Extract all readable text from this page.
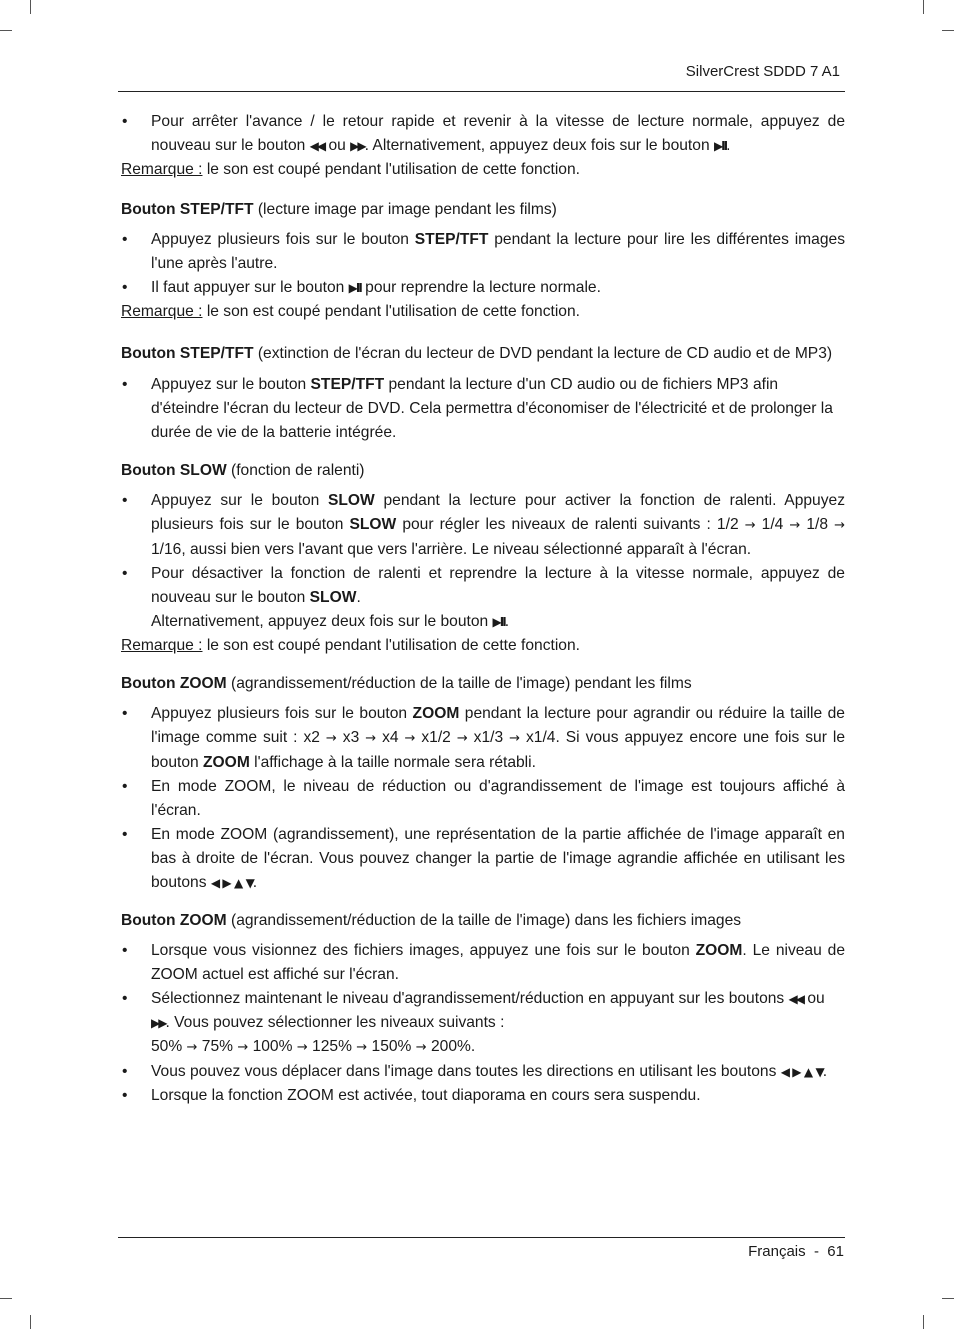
SilverCrest SDDD 7 A1
• Pour arrêter l'avance / le retour rapide et revenir à la vitesse de lecture normale, appuyez de nouveau sur le bouton ◀◀ ou ▶▶. Alternativement, appuyez deux fois sur le bouton ▶II.

Remarque : le son est coupé pendant l'utilisation de cette fonction.

Bouton STEP/TFT (lecture image par image pendant les films)

• Appuyez plusieurs fois sur le bouton STEP/TFT pendant la lecture pour lire les différentes images l'une après l'autre.
• Il faut appuyer sur le bouton ▶II pour reprendre la lecture normale.

Remarque : le son est coupé pendant l'utilisation de cette fonction.

Bouton STEP/TFT (extinction de l'écran du lecteur de DVD pendant la lecture de CD audio et de MP3)

• Appuyez sur le bouton STEP/TFT pendant la lecture d'un CD audio ou de fichiers MP3 afin d'éteindre l'écran du lecteur de DVD. Cela permettra d'économiser de l'électricité et de prolonger la durée de vie de la batterie intégrée.

Bouton SLOW (fonction de ralenti)

• Appuyez sur le bouton SLOW pendant la lecture pour activer la fonction de ralenti. Appuyez plusieurs fois sur le bouton SLOW pour régler les niveaux de ralenti suivants : 1/2 → 1/4 → 1/8 → 1/16, aussi bien vers l'avant que vers l'arrière. Le niveau sélectionné apparaît à l'écran.
• Pour désactiver la fonction de ralenti et reprendre la lecture à la vitesse normale, appuyez de nouveau sur le bouton SLOW.
Alternativement, appuyez deux fois sur le bouton ▶II.

Remarque : le son est coupé pendant l'utilisation de cette fonction.

Bouton ZOOM (agrandissement/réduction de la taille de l'image) pendant les films

• Appuyez plusieurs fois sur le bouton ZOOM pendant la lecture pour agrandir ou réduire la taille de l'image comme suit : x2 → x3 → x4 → x1/2 → x1/3 → x1/4. Si vous appuyez encore une fois sur le bouton ZOOM l'affichage à la taille normale sera rétabli.
• En mode ZOOM, le niveau de réduction ou d'agrandissement de l'image est toujours affiché à l'écran.
• En mode ZOOM (agrandissement), une représentation de la partie affichée de l'image apparaît en bas à droite de l'écran. Vous pouvez changer la partie de l'image agrandie affichée en utilisant les boutons ◀ ▶ ▲ ▼.

Bouton ZOOM (agrandissement/réduction de la taille de l'image) dans les fichiers images

• Lorsque vous visionnez des fichiers images, appuyez une fois sur le bouton ZOOM. Le niveau de ZOOM actuel est affiché sur l'écran.
• Sélectionnez maintenant le niveau d'agrandissement/réduction en appuyant sur les boutons ◀◀ ou ▶▶. Vous pouvez sélectionner les niveaux suivants :
50% → 75% → 100% → 125% → 150% → 200%.
• Vous pouvez vous déplacer dans l'image dans toutes les directions en utilisant les boutons ◀ ▶ ▲ ▼.
• Lorsque la fonction ZOOM est activée, tout diaporama en cours sera suspendu.
Français  -  61
